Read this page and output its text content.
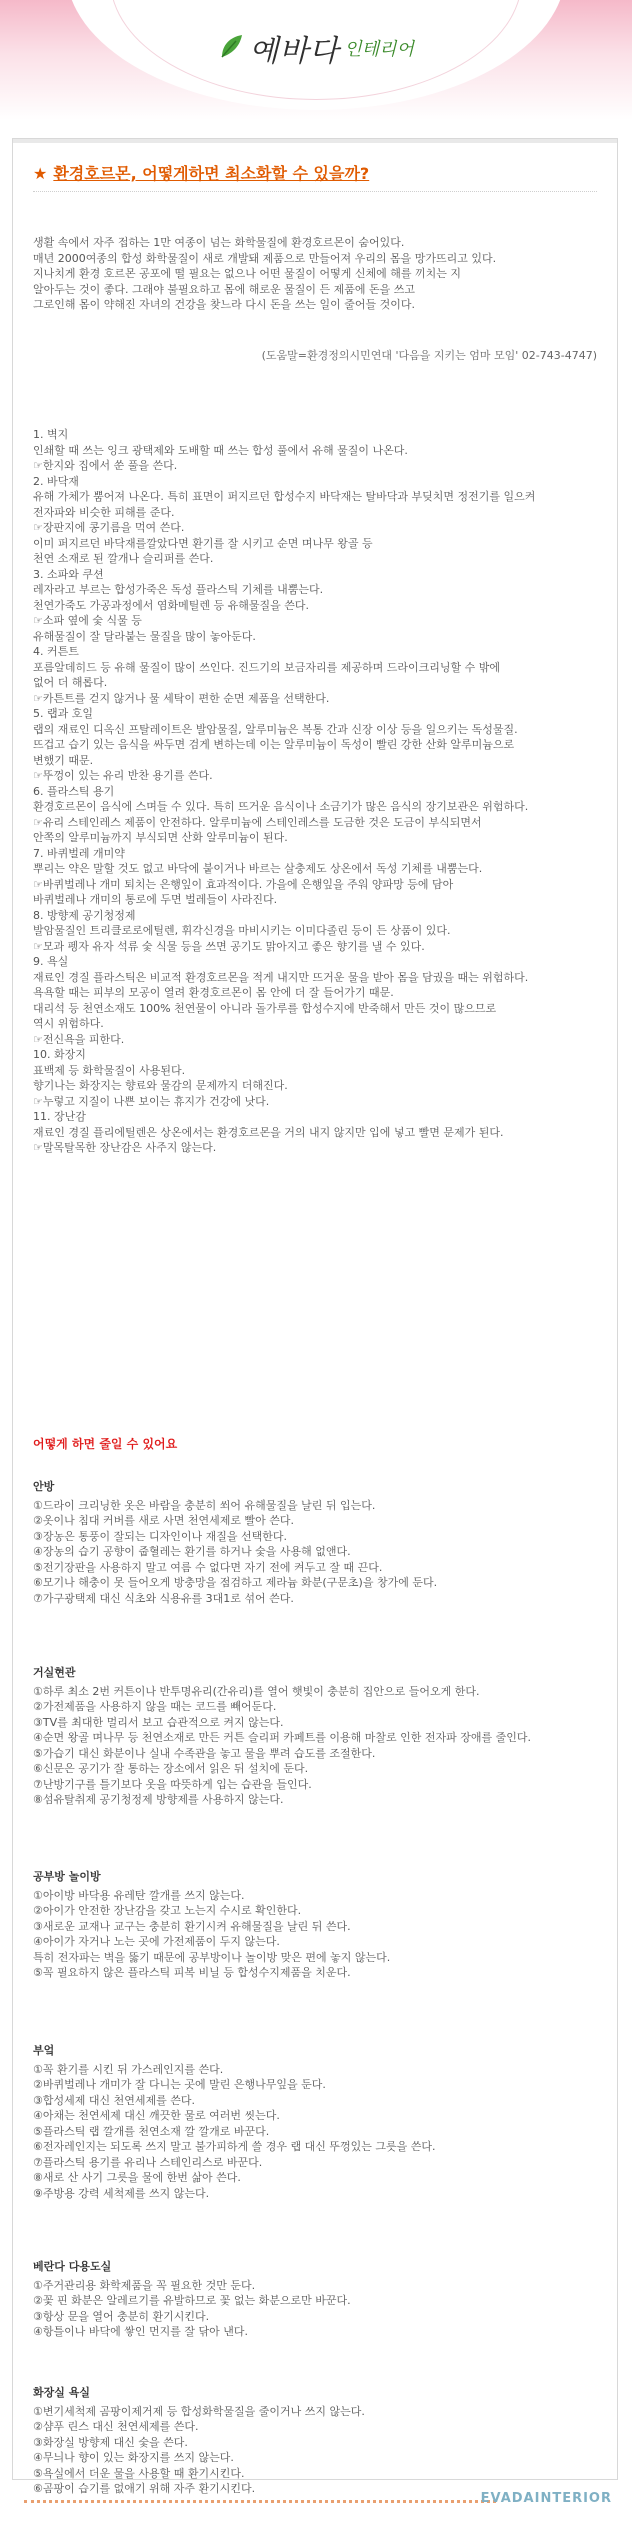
예바다 인테리어
★ 환경호르몬, 어떻게하면 최소화할 수 있을까?
생활 속에서 자주 접하는 1만 여종이 넘는 화학물질에 환경호르몬이 숨어있다.
매년 2000여종의 합성 화학물질이 새로 개발돼 제품으로 만들어져 우리의 몸을 망가뜨리고 있다.
지나치게 환경 호르몬 공포에 떨 필요는 없으나 어떤 물질이 어떻게 신체에 해를 끼치는 지
알아두는 것이 좋다. 그래야 불필요하고 몸에 해로운 물질이 든 제품에 돈을 쓰고
그로인해 몸이 약해진 자녀의 건강을 찾느라 다시 돈을 쓰는 일이 줄어들 것이다.
(도움말=환경정의시민연대 '다음을 지키는 엄마 모임' 02-743-4747)
1. 벽지
인쇄할 때 쓰는 잉크 광택제와 도배할 때 쓰는 합성 풀에서 유해 물질이 나온다.
☞한지와 집에서 쑨 풀을 쓴다.
2. 바닥재
유해 가체가 뿜어져 나온다. 특히 표면이 퍼지르던 합성수지 바닥재는 탈바닥과 부딪치면 정전기를 일으켜
전자파와 비슷한 피해를 준다.
☞장판지에 콩기름을 먹여 쓴다.
이미 퍼지르던 바닥재를깔았다면 환기를 잘 시키고 순면 며나무 왕골 등
천연 소재로 된 깔개나 슬리퍼를 쓴다.
3. 소파와 쿠션
레자라고 부르는 합성가죽은 독성 플라스틱 기체를 내뿜는다.
천연가죽도 가공과정에서 염화메틸렌 등 유해물질을 쓴다.
☞소파 옆에 숯 식물 등
유해물질이 잘 달라붙는 물질을 많이 놓아둔다.
4. 커튼트
포름알데히드 등 유해 물질이 많이 쓰인다. 진드기의 보금자리를 제공하며 드라이크리닝할 수 밖에
없어 더 해롭다.
☞카튼트를 걷지 않거나 물 세탁이 편한 순면 제품을 선택한다.
5. 랩과 호일
랩의 재료인 디옥신 프탈레이트은 발암물질, 알루미늄은 복통 간과 신장 이상 등을 일으키는 독성물질.
뜨겁고 습기 있는 음식을 싸두면 검게 변하는데 이는 알루미늄이 독성이 빨린 강한 산화 알루미늄으로
변했기 때문.
☞뚜껑이 있는 유리 반찬 용기를 쓴다.
6. 플라스틱 용기
환경호르몬이 음식에 스며들 수 있다. 특히 뜨거운 음식이나 소금기가 많은 음식의 장기보관은 위험하다.
☞유리 스테인레스 제품이 안전하다. 알루미늄에 스테인레스를 도금한 것은 도금이 부식되면서
안쪽의 알루미늄까지 부식되면 산화 알루미늄이 된다.
7. 바퀴벌레 개미약
뿌리는 약은 말할 것도 없고 바닥에 붙이거나 바르는 살충제도 상온에서 독성 기체를 내뿜는다.
☞바퀴벌레나 개미 퇴치는 은행잎이 효과적이다. 가을에 은행잎을 주워 양파망 등에 담아
바퀴벌레나 개미의 통로에 두면 벌레들이 사라진다.
8. 방향제 공기청정제
발암물질인 트리클로로에틸렌, 휘각신경을 마비시키는 이미다졸린 등이 든 상품이 있다.
☞모과 펭자 유자 석류 숯 식물 등을 쓰면 공기도 맑아지고 좋은 향기를 낼 수 있다.
9. 욕실
재료인 경질 플라스틱은 비교적 환경호르몬을 적게 내지만 뜨거운 물을 받아 몸을 담궜을 때는 위험하다.
욕욕할 때는 피부의 모공이 열려 환경호르몬이 몸 안에 더 잘 들어가기 때문.
대리석 등 천연소재도 100% 천연물이 아니라 돌가루를 합성수지에 반죽해서 만든 것이 많으므로
역시 위험하다.
☞전신욕을 피한다.
10. 화장지
표백제 등 화학물질이 사용된다.
향기나는 화장지는 향료와 물감의 문제까지 더해진다.
☞누렇고 지질이 나쁜 보이는 휴지가 건강에 낫다.
11. 장난감
재료인 경질 플리에틸렌은 상온에서는 환경호르몬을 거의 내지 않지만 입에 넣고 빨면 문제가 된다.
☞말목탈목한 장난감은 사주지 않는다.
어떻게 하면 줄일 수 있어요
안방
①드라이 크리닝한 옷은 바람을 충분히 쐬어 유해물질을 날린 뒤 입는다.
②옷이나 침대 커버를 새로 사면 천연세제로 빨아 쓴다.
③장농은 통풍이 잘되는 디자인이나 재질을 선택한다.
④장농의 습기 공향이 줍혈레는 환기를 하거나 숯을 사용해 없앤다.
⑤전기장판을 사용하지 말고 여름 수 없다면 자기 전에 켜두고 잘 때 끈다.
⑥모기나 해충이 못 들어오게 방충망을 점검하고 제라늄 화분(구문초)을 창가에 둔다.
⑦가구광택제 대신 식초와 식용유를 3대1로 섞어 쓴다.
거실현관
①하루 최소 2번 커튼이나 반투명유리(간유리)를 열어 햇빛이 충분히 집안으로 들어오게 한다.
②가전제품을 사용하지 않을 때는 코드를 빼어둔다.
③TV를 최대한 멀리서 보고 습관적으로 켜지 않는다.
④순면 왕골 며나무 등 천연소재로 만든 커튼 슬리퍼 카페트를 이용해 마찰로 인한 전자파 장애를 줄인다.
⑤가습기 대신 화분이나 실내 수족관을 놓고 물을 뿌려 습도를 조절한다.
⑥신문은 공기가 잘 통하는 장소에서 읽은 뒤 설치에 둔다.
⑦난방기구를 틀기보다 옷을 따뜻하게 입는 습관을 들인다.
⑧섬유탈취제 공기청정제 방향제를 사용하지 않는다.
공부방 놀이방
①아이방 바닥용 유레탄 깔개를 쓰지 않는다.
②아이가 안전한 장난감을 갖고 노는지 수시로 확인한다.
③새로운 교재나 교구는 충분히 환기시켜 유해물질을 날린 뒤 쓴다.
④아이가 자거나 노는 곳에 가전제품이 두지 않는다.
특히 전자파는 벽을 뚫기 때문에 공부방이나 놀이방 맞은 편에 놓지 않는다.
⑤꼭 필요하지 않은 플라스틱 피복 비닐 등 합성수지제품을 치운다.
부엌
①꼭 환기를 시킨 뒤 가스레인지를 쓴다.
②바퀴벌레나 개미가 잘 다니는 곳에 말린 은행나무잎을 둔다.
③합성세제 대신 천연세제를 쓴다.
④아채는 천연세제 대신 깨끗한 물로 여러번 씻는다.
⑤플라스틱 랩 깔개를 천연소재 깔 깔개로 바꾼다.
⑥전자레인지는 되도록 쓰지 말고 불가피하게 쓸 경우 랩 대신 뚜껑있는 그릇을 쓴다.
⑦플라스틱 용기를 유리나 스테인리스로 바꾼다.
⑧새로 산 사기 그릇을 물에 한번 삶아 쓴다.
⑨주방용 강력 세척제를 쓰지 않는다.
베란다 다용도실
①주거관리용 화학제품을 꼭 필요한 것만 둔다.
②꽃 핀 화분은 알레르기를 유발하므로 꽃 없는 화분으로만 바꾼다.
③항상 문을 열어 충분히 환기시킨다.
④항틀이나 바닥에 쌓인 먼지를 잘 닦아 낸다.
화장실 욕실
①변기세척제 곰팡이제거제 등 합성화학물질을 줄이거나 쓰지 않는다.
②샴푸 린스 대신 천연세제를 쓴다.
③화장실 방향제 대신 숯을 쓴다.
④무늬나 향이 있는 화장지를 쓰지 않는다.
⑤욕실에서 더운 물을 사용할 때 환기시킨다.
⑥곰팡이 습기를 없애기 위해 자주 환기시킨다.
EVADAINTERIOR
